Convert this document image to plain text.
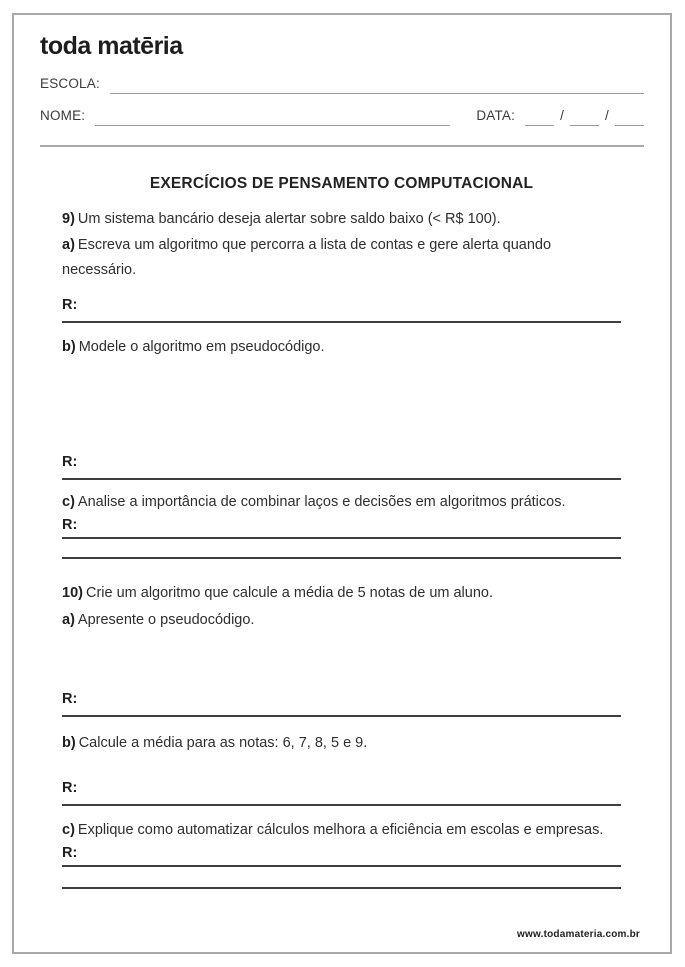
toda matēria
ESCOLA:
NOME:	DATA:	/	/
EXERCÍCIOS DE PENSAMENTO COMPUTACIONAL

9) Um sistema bancário deseja alertar sobre saldo baixo (< R$ 100).

a) Escreva um algoritmo que percorra a lista de contas e gere alerta quando necessário.

R:

b) Modele o algoritmo em pseudocódigo.

R:

c) Analise a importância de combinar laços e decisões em algoritmos práticos.

R:

10) Crie um algoritmo que calcule a média de 5 notas de um aluno.

a) Apresente o pseudocódigo.

R:

b) Calcule a média para as notas: 6, 7, 8, 5 e 9.

R:

c) Explique como automatizar cálculos melhora a eficiência em escolas e empresas.

R:
www.todamateria.com.br
